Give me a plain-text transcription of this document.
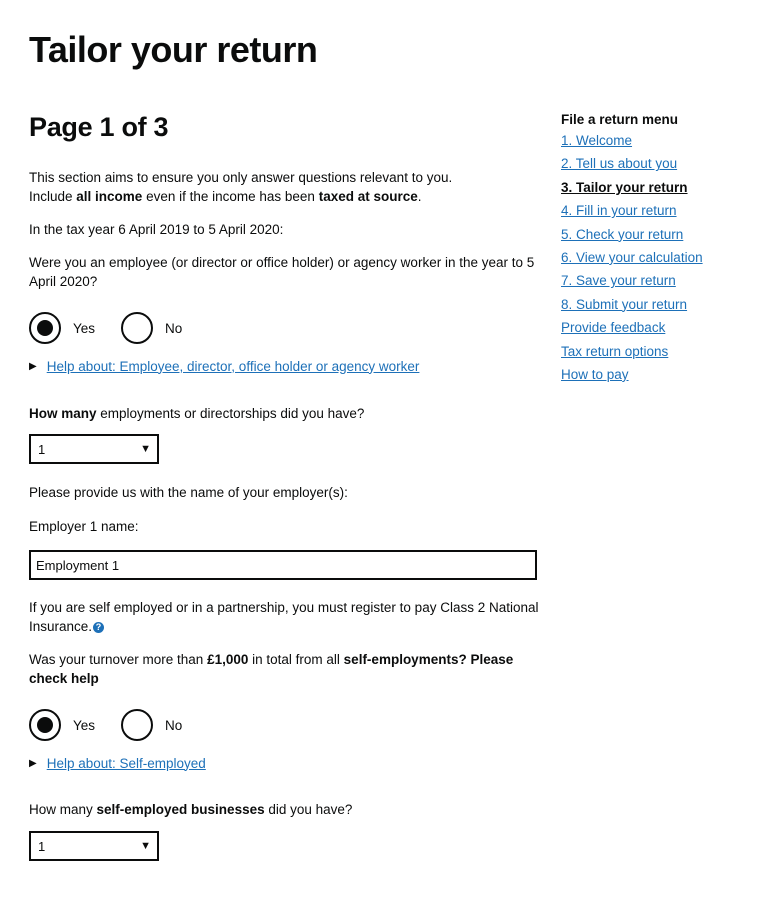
Tailor your return
Page 1 of 3

This section aims to ensure you only answer questions relevant to you.
Include all income even if the income has been taxed at source.

In the tax year 6 April 2019 to 5 April 2020:

Were you an employee (or director or office holder) or agency worker in the year to 5 April 2020?

Yes	No
▶ Help about: Employee, director, office holder or agency worker

How many employments or directorships did you have?

1	▼

Please provide us with the name of your employer(s):

Employer 1 name:

Employment 1

If you are self employed or in a partnership, you must register to pay Class 2 National Insurance. ?

Was your turnover more than £1,000 in total from all self-employments? Please check help

Yes	No
▶ Help about: Self-employed

How many self-employed businesses did you have?

1	▼
File a return menu
1. Welcome
2. Tell us about you
3. Tailor your return
4. Fill in your return
5. Check your return
6. View your calculation
7. Save your return
8. Submit your return
Provide feedback
Tax return options
How to pay
